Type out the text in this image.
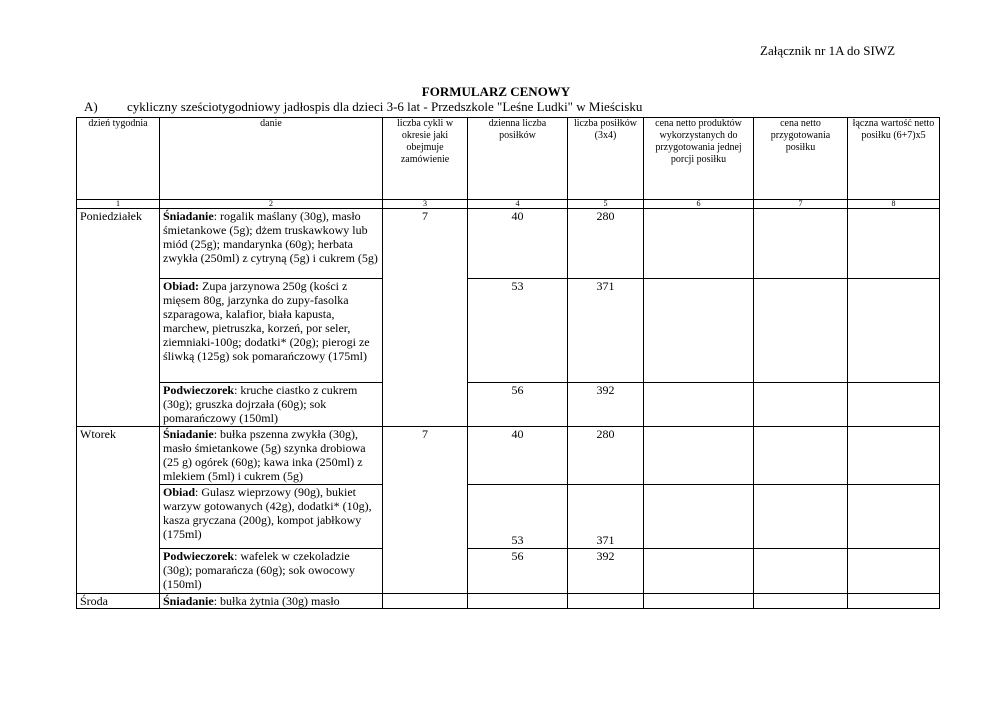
Załącznik nr 1A do SIWZ
FORMULARZ CENOWY
A) cykliczny sześciotygodniowy jadłospis dla dzieci 3-6 lat - Przedszkole "Leśne Ludki" w Mieścisku
dzień tygodnia	danie	liczba cykli w okresie jaki obejmuje zamówienie	dzienna liczba posiłków	liczba posiłków (3x4)	cena netto produktów wykorzystanych do przygotowania jednej porcji posiłku	cena netto przygotowania posiłku	łączna wartość netto posiłku (6+7)x5
1	2	3	4	5	6	7	8
Poniedziałek	Śniadanie: rogalik maślany (30g), masło śmietankowe (5g); dżem truskawkowy lub miód (25g); mandarynka (60g); herbata zwykła (250ml) z cytryną (5g) i cukrem (5g)	7	40	280			
	Obiad: Zupa jarzynowa 250g (kości z mięsem 80g, jarzynka do zupy-fasolka szparagowa, kalafior, biała kapusta, marchew, pietruszka, korzeń, por seler, ziemniaki-100g; dodatki* (20g); pierogi ze śliwką (125g) sok pomarańczowy (175ml)		53	371			
	Podwieczorek: kruche ciastko z cukrem (30g); gruszka dojrzała (60g); sok pomarańczowy (150ml)		56	392			
Wtorek	Śniadanie: bułka pszenna zwykła (30g), masło śmietankowe (5g) szynka drobiowa (25 g) ogórek (60g); kawa inka (250ml) z mlekiem (5ml) i cukrem (5g)	7	40	280			
	Obiad: Gulasz wieprzowy (90g), bukiet warzyw gotowanych (42g), dodatki* (10g), kasza gryczana (200g), kompot jabłkowy (175ml)		53	371			
	Podwieczorek: wafelek w czekoladzie (30g); pomarańcza (60g); sok owocowy (150ml)		56	392			
Środa	Śniadanie: bułka żytnia (30g) masło						
